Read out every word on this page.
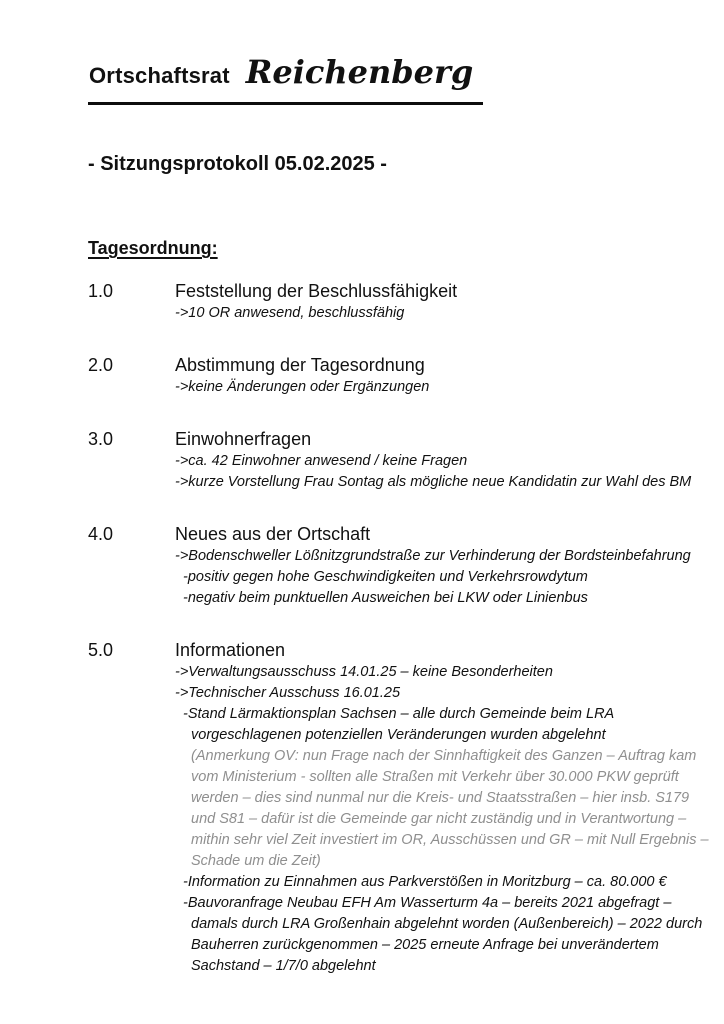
Ortschaftsrat Reichenberg
- Sitzungsprotokoll 05.02.2025 -
Tagesordnung:
1.0	Feststellung der Beschlussfähigkeit
->10 OR anwesend, beschlussfähig
2.0	Abstimmung der Tagesordnung
->keine Änderungen oder Ergänzungen
3.0	Einwohnerfragen
->ca. 42 Einwohner anwesend / keine Fragen
->kurze Vorstellung Frau Sontag als mögliche neue Kandidatin zur Wahl des BM
4.0	Neues aus der Ortschaft
->Bodenschweller Lößnitzgrundstraße zur Verhinderung der Bordsteinbefahrung
-positiv gegen hohe Geschwindigkeiten und Verkehrsrowdytum
-negativ beim punktuellen Ausweichen bei LKW oder Linienbus
5.0	Informationen
->Verwaltungsausschuss 14.01.25 – keine Besonderheiten
->Technischer Ausschuss 16.01.25
-Stand Lärmaktionsplan Sachsen – alle durch Gemeinde beim LRA
vorgeschlagenen potenziellen Veränderungen wurden abgelehnt
(Anmerkung OV: nun Frage nach der Sinnhaftigkeit des Ganzen – Auftrag kam
vom Ministerium - sollten alle Straßen mit Verkehr über 30.000 PKW geprüft
werden – dies sind nunmal nur die Kreis- und Staatsstraßen – hier insb. S179
und S81 – dafür ist die Gemeinde gar nicht zuständig und in Verantwortung –
mithin sehr viel Zeit investiert im OR, Ausschüssen und GR – mit Null Ergebnis –
Schade um die Zeit)
-Information zu Einnahmen aus Parkverstößen in Moritzburg – ca. 80.000 €
-Bauvoranfrage Neubau EFH Am Wasserturm 4a – bereits 2021 abgefragt –
damals durch LRA Großenhain abgelehnt worden (Außenbereich) – 2022 durch
Bauherren zurückgenommen – 2025 erneute Anfrage bei unverändertem
Sachstand – 1/7/0 abgelehnt
